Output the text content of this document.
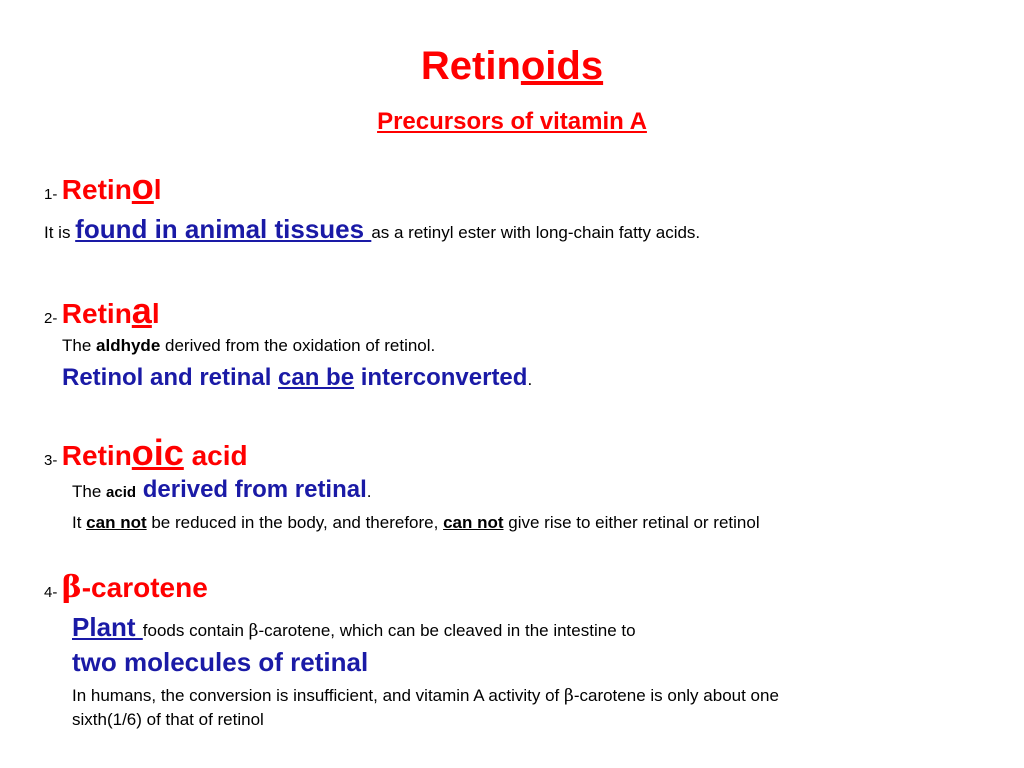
Retinoids
Precursors of vitamin A
1- Retinol
It is found in animal tissues as a retinyl ester with long-chain fatty acids.
2- Retinal
The aldhyde derived from the oxidation of retinol.
Retinol and retinal can be interconverted.
3- Retinoic acid
The acid derived from retinal.
It can not be reduced in the body, and therefore, can not give rise to either retinal or retinol
4- β-carotene
Plant foods contain β-carotene, which can be cleaved in the intestine to
two molecules of retinal
In humans, the conversion is insufficient, and vitamin A activity of β-carotene is only about one
sixth(1/6) of that of retinol
